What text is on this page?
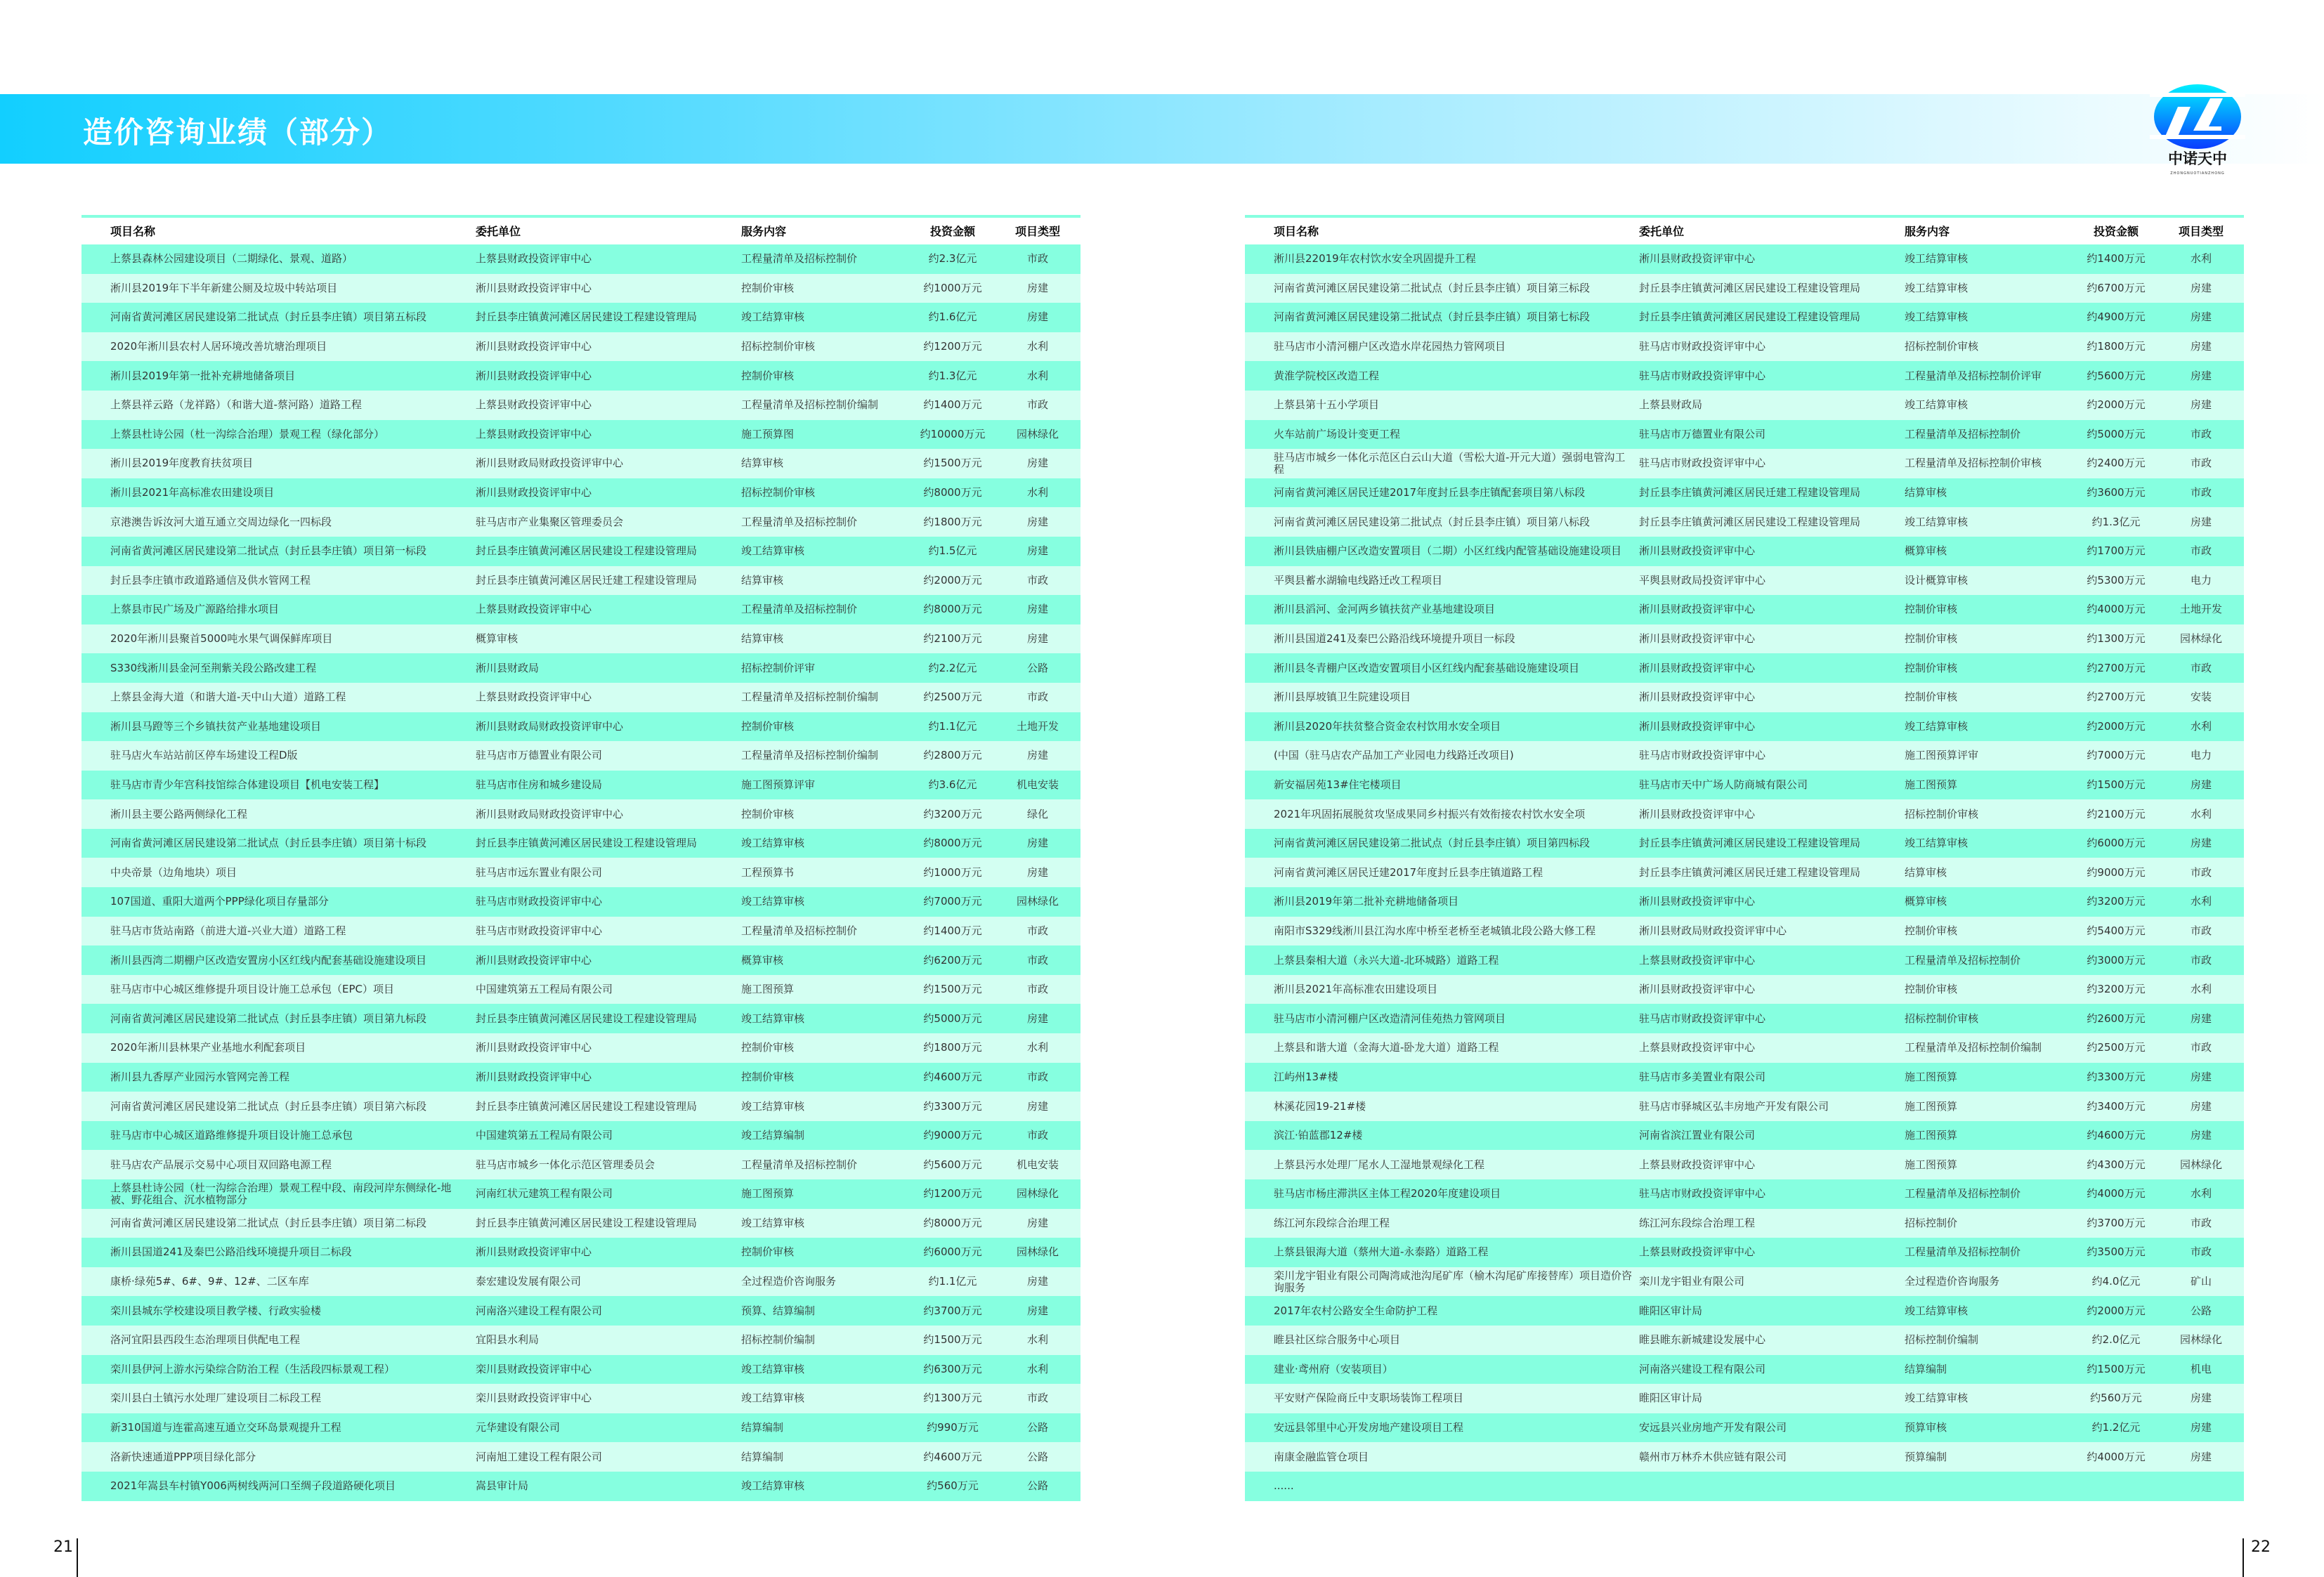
造价咨询业绩（部分）
中诺天中
ZHONGNUOTIANZHONG
项目名称	委托单位	服务内容	投资金额	项目类型
上蔡县森林公园建设项目（二期绿化、景观、道路）	上蔡县财政投资评审中心	工程量清单及招标控制价	约2.3亿元	市政
淅川县2019年下半年新建公厕及垃圾中转站项目	淅川县财政投资评审中心	控制价审核	约1000万元	房建
河南省黄河滩区居民建设第二批试点（封丘县李庄镇）项目第五标段	封丘县李庄镇黄河滩区居民建设工程建设管理局	竣工结算审核	约1.6亿元	房建
2020年淅川县农村人居环境改善坑塘治理项目	淅川县财政投资评审中心	招标控制价审核	约1200万元	水利
淅川县2019年第一批补充耕地储备项目	淅川县财政投资评审中心	控制价审核	约1.3亿元	水利
上蔡县祥云路（龙祥路）（和谐大道-蔡河路）道路工程	上蔡县财政投资评审中心	工程量清单及招标控制价编制	约1400万元	市政
上蔡县杜诗公园（杜一沟综合治理）景观工程（绿化部分）	上蔡县财政投资评审中心	施工预算图	约10000万元	园林绿化
淅川县2019年度教育扶贫项目	淅川县财政局财政投资评审中心	结算审核	约1500万元	房建
淅川县2021年高标准农田建设项目	淅川县财政投资评审中心	招标控制价审核	约8000万元	水利
京港澳告诉汝河大道互通立交周边绿化一四标段	驻马店市产业集聚区管理委员会	工程量清单及招标控制价	约1800万元	房建
河南省黄河滩区居民建设第二批试点（封丘县李庄镇）项目第一标段	封丘县李庄镇黄河滩区居民建设工程建设管理局	竣工结算审核	约1.5亿元	房建
封丘县李庄镇市政道路通信及供水管网工程	封丘县李庄镇黄河滩区居民迁建工程建设管理局	结算审核	约2000万元	市政
上蔡县市民广场及广源路给排水项目	上蔡县财政投资评审中心	工程量清单及招标控制价	约8000万元	房建
2020年淅川县聚首5000吨水果气调保鲜库项目	概算审核	结算审核	约2100万元	房建
S330线淅川县金河至荆紫关段公路改建工程	淅川县财政局	招标控制价评审	约2.2亿元	公路
上蔡县金海大道（和谐大道-天中山大道）道路工程	上蔡县财政投资评审中心	工程量清单及招标控制价编制	约2500万元	市政
淅川县马蹬等三个乡镇扶贫产业基地建设项目	淅川县财政局财政投资评审中心	控制价审核	约1.1亿元	土地开发
驻马店火车站站前区停车场建设工程D版	驻马店市万德置业有限公司	工程量清单及招标控制价编制	约2800万元	房建
驻马店市青少年宫科技馆综合体建设项目【机电安装工程】	驻马店市住房和城乡建设局	施工图预算评审	约3.6亿元	机电安装
淅川县主要公路两侧绿化工程	淅川县财政局财政投资评审中心	控制价审核	约3200万元	绿化
河南省黄河滩区居民建设第二批试点（封丘县李庄镇）项目第十标段	封丘县李庄镇黄河滩区居民建设工程建设管理局	竣工结算审核	约8000万元	房建
中央帝景（边角地块）项目	驻马店市远东置业有限公司	工程预算书	约1000万元	房建
107国道、重阳大道两个PPP绿化项目存量部分	驻马店市财政投资评审中心	竣工结算审核	约7000万元	园林绿化
驻马店市货站南路（前进大道-兴业大道）道路工程	驻马店市财政投资评审中心	工程量清单及招标控制价	约1400万元	市政
淅川县西湾二期棚户区改造安置房小区红线内配套基础设施建设项目	淅川县财政投资评审中心	概算审核	约6200万元	市政
驻马店市中心城区维修提升项目设计施工总承包（EPC）项目	中国建筑第五工程局有限公司	施工图预算	约1500万元	市政
河南省黄河滩区居民建设第二批试点（封丘县李庄镇）项目第九标段	封丘县李庄镇黄河滩区居民建设工程建设管理局	竣工结算审核	约5000万元	房建
2020年淅川县林果产业基地水利配套项目	淅川县财政投资评审中心	控制价审核	约1800万元	水利
淅川县九香厚产业园污水管网完善工程	淅川县财政投资评审中心	控制价审核	约4600万元	市政
河南省黄河滩区居民建设第二批试点（封丘县李庄镇）项目第六标段	封丘县李庄镇黄河滩区居民建设工程建设管理局	竣工结算审核	约3300万元	房建
驻马店市中心城区道路维修提升项目设计施工总承包	中国建筑第五工程局有限公司	竣工结算编制	约9000万元	市政
驻马店农产品展示交易中心项目双回路电源工程	驻马店市城乡一体化示范区管理委员会	工程量清单及招标控制价	约5600万元	机电安装
上蔡县杜诗公园（杜一沟综合治理）景观工程中段、南段河岸东侧绿化-地被、野花组合、沉水植物部分	河南红状元建筑工程有限公司	施工图预算	约1200万元	园林绿化
河南省黄河滩区居民建设第二批试点（封丘县李庄镇）项目第二标段	封丘县李庄镇黄河滩区居民建设工程建设管理局	竣工结算审核	约8000万元	房建
淅川县国道241及秦巴公路沿线环境提升项目二标段	淅川县财政投资评审中心	控制价审核	约6000万元	园林绿化
康桥·绿苑5#、6#、9#、12#、二区车库	泰宏建设发展有限公司	全过程造价咨询服务	约1.1亿元	房建
栾川县城东学校建设项目教学楼、行政实验楼	河南洛兴建设工程有限公司	预算、结算编制	约3700万元	房建
洛河宜阳县西段生态治理项目供配电工程	宜阳县水利局	招标控制价编制	约1500万元	水利
栾川县伊河上游水污染综合防治工程（生活段四标景观工程）	栾川县财政投资评审中心	竣工结算审核	约6300万元	水利
栾川县白土镇污水处理厂建设项目二标段工程	栾川县财政投资评审中心	竣工结算审核	约1300万元	市政
新310国道与连霍高速互通立交环岛景观提升工程	元华建设有限公司	结算编制	约990万元	公路
洛新快速通道PPP项目绿化部分	河南旭工建设工程有限公司	结算编制	约4600万元	公路
2021年嵩县车村镇Y006两树线两河口至绸子段道路硬化项目	嵩县审计局	竣工结算审核	约560万元	公路
项目名称	委托单位	服务内容	投资金额	项目类型
淅川县22019年农村饮水安全巩固提升工程	淅川县财政投资评审中心	竣工结算审核	约1400万元	水利
河南省黄河滩区居民建设第二批试点（封丘县李庄镇）项目第三标段	封丘县李庄镇黄河滩区居民建设工程建设管理局	竣工结算审核	约6700万元	房建
河南省黄河滩区居民建设第二批试点（封丘县李庄镇）项目第七标段	封丘县李庄镇黄河滩区居民建设工程建设管理局	竣工结算审核	约4900万元	房建
驻马店市小清河棚户区改造水岸花园热力管网项目	驻马店市财政投资评审中心	招标控制价审核	约1800万元	房建
黄淮学院校区改造工程	驻马店市财政投资评审中心	工程量清单及招标控制价评审	约5600万元	房建
上蔡县第十五小学项目	上蔡县财政局	竣工结算审核	约2000万元	房建
火车站前广场设计变更工程	驻马店市万德置业有限公司	工程量清单及招标控制价	约5000万元	市政
驻马店市城乡一体化示范区白云山大道（雪松大道-开元大道）强弱电管沟工程	驻马店市财政投资评审中心	工程量清单及招标控制价审核	约2400万元	市政
河南省黄河滩区居民迁建2017年度封丘县李庄镇配套项目第八标段	封丘县李庄镇黄河滩区居民迁建工程建设管理局	结算审核	约3600万元	市政
河南省黄河滩区居民建设第二批试点（封丘县李庄镇）项目第八标段	封丘县李庄镇黄河滩区居民建设工程建设管理局	竣工结算审核	约1.3亿元	房建
淅川县铁庙棚户区改造安置项目（二期）小区红线内配管基础设施建设项目	淅川县财政投资评审中心	概算审核	约1700万元	市政
平舆县蓄水湖输电线路迁改工程项目	平舆县财政局投资评审中心	设计概算审核	约5300万元	电力
淅川县滔河、金河两乡镇扶贫产业基地建设项目	淅川县财政投资评审中心	控制价审核	约4000万元	土地开发
淅川县国道241及秦巴公路沿线环境提升项目一标段	淅川县财政投资评审中心	控制价审核	约1300万元	园林绿化
淅川县冬青棚户区改造安置项目小区红线内配套基础设施建设项目	淅川县财政投资评审中心	控制价审核	约2700万元	市政
淅川县厚坡镇卫生院建设项目	淅川县财政投资评审中心	控制价审核	约2700万元	安装
淅川县2020年扶贫整合资金农村饮用水安全项目	淅川县财政投资评审中心	竣工结算审核	约2000万元	水利
(中国（驻马店农产品加工产业园电力线路迁改项目)	驻马店市财政投资评审中心	施工图预算评审	约7000万元	电力
新安福居苑13#住宅楼项目	驻马店市天中广场人防商城有限公司	施工图预算	约1500万元	房建
2021年巩固拓展脱贫攻坚成果同乡村振兴有效衔接农村饮水安全项	淅川县财政投资评审中心	招标控制价审核	约2100万元	水利
河南省黄河滩区居民建设第二批试点（封丘县李庄镇）项目第四标段	封丘县李庄镇黄河滩区居民建设工程建设管理局	竣工结算审核	约6000万元	房建
河南省黄河滩区居民迁建2017年度封丘县李庄镇道路工程	封丘县李庄镇黄河滩区居民迁建工程建设管理局	结算审核	约9000万元	市政
淅川县2019年第二批补充耕地储备项目	淅川县财政投资评审中心	概算审核	约3200万元	水利
南阳市S329线淅川县江沟水库中桥至老桥至老城镇北段公路大修工程	淅川县财政局财政投资评审中心	控制价审核	约5400万元	市政
上蔡县秦相大道（永兴大道-北环城路）道路工程	上蔡县财政投资评审中心	工程量清单及招标控制价	约3000万元	市政
淅川县2021年高标准农田建设项目	淅川县财政投资评审中心	控制价审核	约3200万元	水利
驻马店市小清河棚户区改造清河佳苑热力管网项目	驻马店市财政投资评审中心	招标控制价审核	约2600万元	房建
上蔡县和谐大道（金海大道-卧龙大道）道路工程	上蔡县财政投资评审中心	工程量清单及招标控制价编制	约2500万元	市政
江屿州13#楼	驻马店市多美置业有限公司	施工图预算	约3300万元	房建
林溪花园19-21#楼	驻马店市驿城区弘丰房地产开发有限公司	施工图预算	约3400万元	房建
滨江·铂蓝郡12#楼	河南省滨江置业有限公司	施工图预算	约4600万元	房建
上蔡县污水处理厂尾水人工湿地景观绿化工程	上蔡县财政投资评审中心	施工图预算	约4300万元	园林绿化
驻马店市杨庄滞洪区主体工程2020年度建设项目	驻马店市财政投资评审中心	工程量清单及招标控制价	约4000万元	水利
练江河东段综合治理工程	练江河东段综合治理工程	招标控制价	约3700万元	市政
上蔡县银海大道（蔡州大道-永泰路）道路工程	上蔡县财政投资评审中心	工程量清单及招标控制价	约3500万元	市政
栾川龙宇钼业有限公司陶湾咸池沟尾矿库（榆木沟尾矿库接替库）项目造价咨询服务	栾川龙宇钼业有限公司	全过程造价咨询服务	约4.0亿元	矿山
2017年农村公路安全生命防护工程	睢阳区审计局	竣工结算审核	约2000万元	公路
睢县社区综合服务中心项目	睢县睢东新城建设发展中心	招标控制价编制	约2.0亿元	园林绿化
建业·鸢州府（安装项目）	河南洛兴建设工程有限公司	结算编制	约1500万元	机电
平安财产保险商丘中支职场装饰工程项目	睢阳区审计局	竣工结算审核	约560万元	房建
安远县邻里中心开发房地产建设项目工程	安远县兴业房地产开发有限公司	预算审核	约1.2亿元	房建
南康金融监管仓项目	赣州市万林乔木供应链有限公司	预算编制	约4000万元	房建
......
21	22
